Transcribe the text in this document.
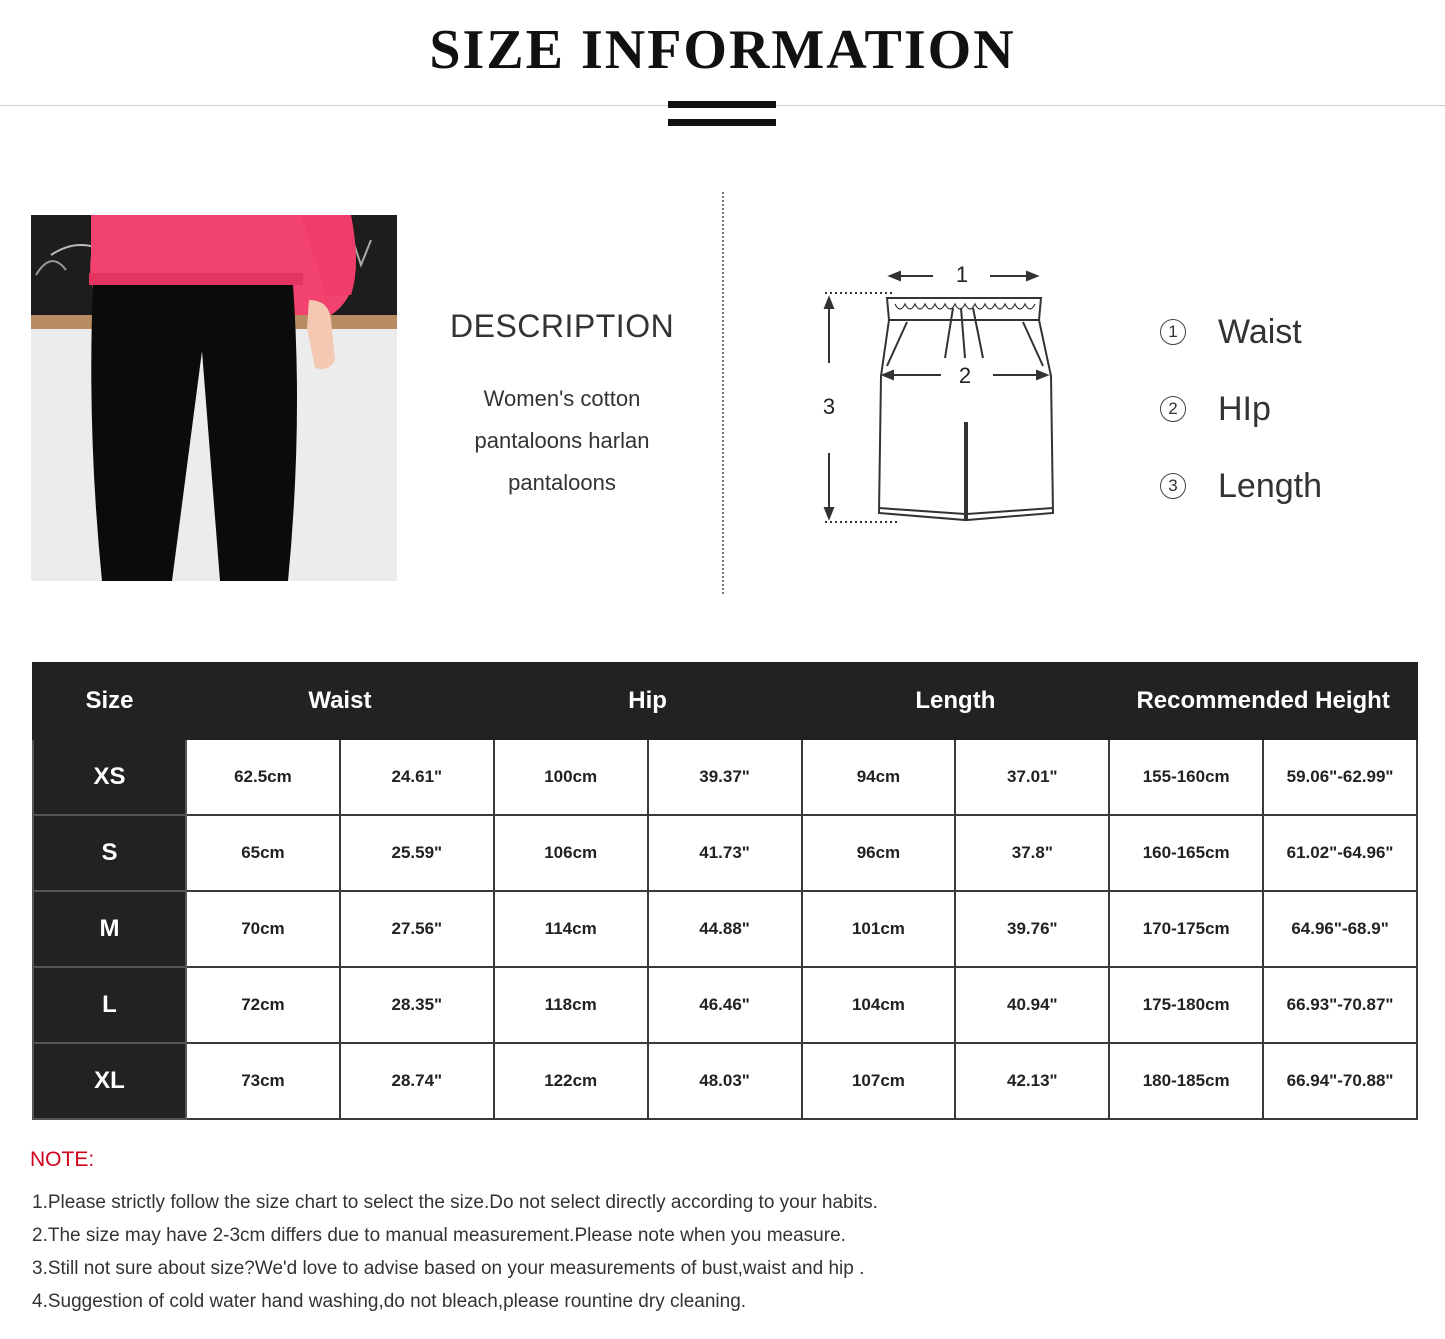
SIZE INFORMATION
DESCRIPTION
Women's cotton
pantaloons harlan
pantaloons
1
2
3
1 Waist
2 HIp
3 Length
Size	Waist		Hip		Length		Recommended Height	
XS	62.5cm	24.61"	100cm	39.37"	94cm	37.01"	155-160cm	59.06"-62.99"
S	65cm	25.59"	106cm	41.73"	96cm	37.8"	160-165cm	61.02"-64.96"
M	70cm	27.56"	114cm	44.88"	101cm	39.76"	170-175cm	64.96"-68.9"
L	72cm	28.35"	118cm	46.46"	104cm	40.94"	175-180cm	66.93"-70.87"
XL	73cm	28.74"	122cm	48.03"	107cm	42.13"	180-185cm	66.94"-70.88"
NOTE:
1.Please strictly follow the size chart to select the size.Do not select directly according to your habits.
2.The size may have 2-3cm differs due to manual measurement.Please note when you measure.
3.Still not sure about size?We'd love to advise based on your measurements of bust,waist and hip .
4.Suggestion of cold water hand washing,do not bleach,please rountine dry cleaning.
